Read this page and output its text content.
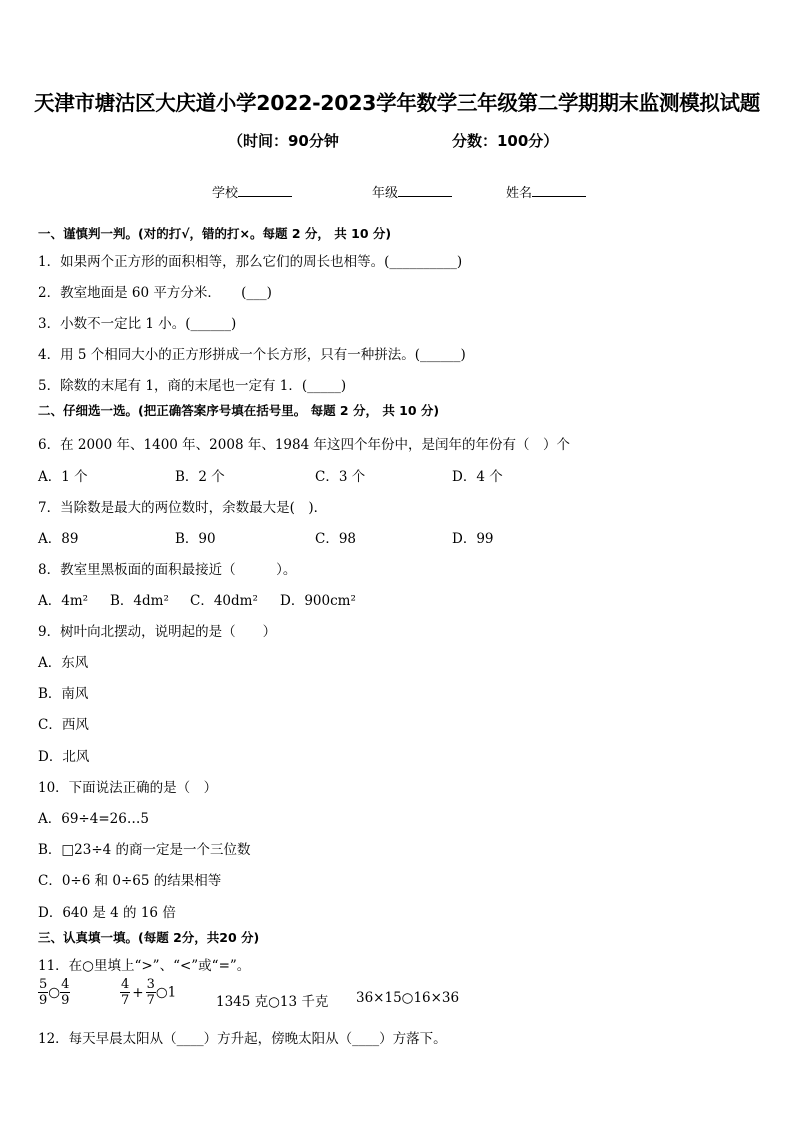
天津市塘沽区大庆道小学2022-2023学年数学三年级第二学期期末监测模拟试题
（时间：90分钟	分数：100分）
学校	年级	姓名
一、谨慎判一判。(对的打√，错的打×。每题 2 分， 共 10 分)
1．如果两个正方形的面积相等，那么它们的周长也相等。(__________)
2．教室地面是 60 平方分米．　　(___)
3．小数不一定比 1 小。(______)
4．用 5 个相同大小的正方形拼成一个长方形，只有一种拼法。(______)
5．除数的末尾有 1，商的末尾也一定有 1．(_____)
二、仔细选一选。(把正确答案序号填在括号里。 每题 2 分， 共 10 分)
6．在 2000 年、1400 年、2008 年、1984 年这四个年份中，是闰年的年份有（　）个
A．1 个	B．2 个	C．3 个	D．4 个
7．当除数是最大的两位数时，余数最大是(　)．
A．89	B．90	C．98	D．99
8．教室里黑板面的面积最接近（　　　）。
A．4m² B．4dm² C．40dm² D．900cm²
9．树叶向北摆动，说明起的是（　　）
A．东风
B．南风
C．西风
D．北风
10．下面说法正确的是（　）
A．69÷4=26…5
B．□23÷4 的商一定是一个三位数
C．0÷6 和 0÷65 的结果相等
D．640 是 4 的 16 倍
三、认真填一填。(每题 2分，共20 分)
11．在○里填上“>”、“<”或“=”。
$\frac{5}{9}$ ○ $\frac{4}{9}$	$\frac{4}{7} + \frac{3}{7}$ ○1
1345 克○13 千克 36×15○16×36
12．每天早晨太阳从（____）方升起，傍晚太阳从（____）方落下。
